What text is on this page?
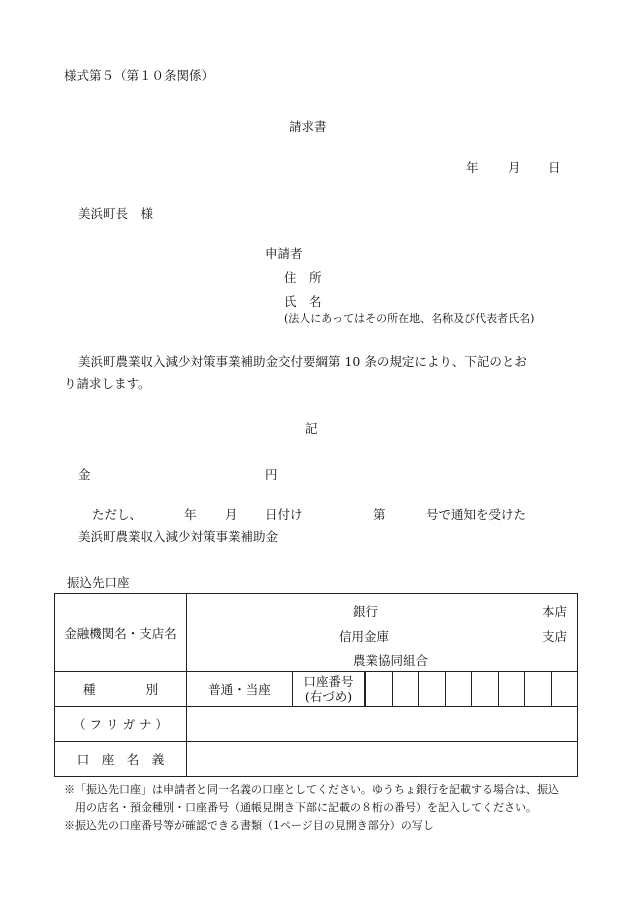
様式第５（第１０条関係）
請求書
年 月 日
美浜町長　様
申請者
住　所
氏　名
(法人にあってはその所在地、名称及び代表者氏名)
美浜町農業収入減少対策事業補助金交付要綱第 10 条の規定により、下記のとお
り請求します。
記
金	円
ただし、	年 月 日付け	第	号で通知を受けた
美浜町農業収入減少対策事業補助金
振込先口座
金融機関名・支店名	銀行 本店
信用金庫 支店
農業協同組合		

種　　　　別	普通・当座	口座番号
(右づめ)	

（ フ リ ガ ナ ）			
口　座　名　義			
※「振込先口座」は申請者と同一名義の口座としてください。ゆうちょ銀行を記載する場合は、振込
　用の店名・預金種別・口座番号（通帳見開き下部に記載の８桁の番号）を記入してください。
※振込先の口座番号等が確認できる書類（1ページ目の見開き部分）の写し
